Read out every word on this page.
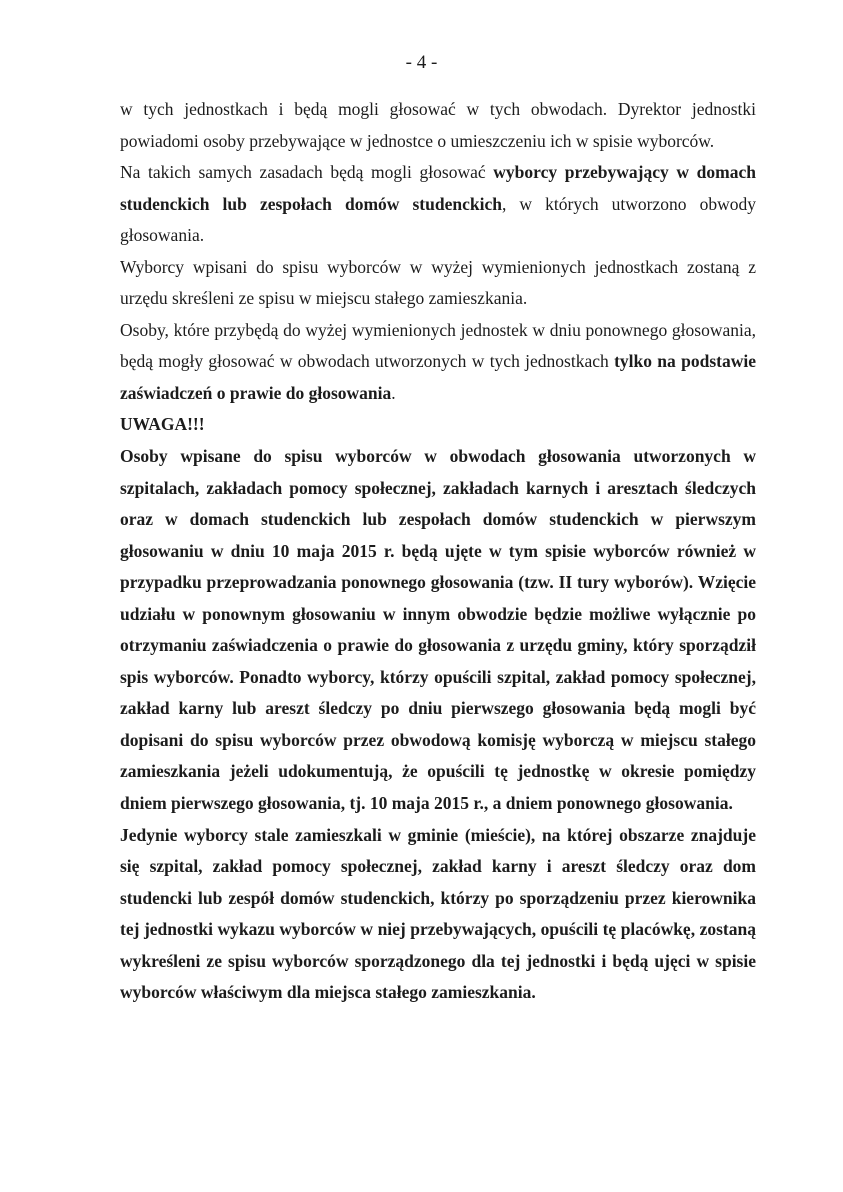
- 4 -

w tych jednostkach i będą mogli głosować w tych obwodach. Dyrektor jednostki powiadomi osoby przebywające w jednostce o umieszczeniu ich w spisie wyborców.

Na takich samych zasadach będą mogli głosować wyborcy przebywający w domach studenckich lub zespołach domów studenckich, w których utworzono obwody głosowania.

Wyborcy wpisani do spisu wyborców w wyżej wymienionych jednostkach zostaną z urzędu skreśleni ze spisu w miejscu stałego zamieszkania.

Osoby, które przybędą do wyżej wymienionych jednostek w dniu ponownego głosowania, będą mogły głosować w obwodach utworzonych w tych jednostkach tylko na podstawie zaświadczeń o prawie do głosowania.

UWAGA!!!

Osoby wpisane do spisu wyborców w obwodach głosowania utworzonych w szpitalach, zakładach pomocy społecznej, zakładach karnych i aresztach śledczych oraz w domach studenckich lub zespołach domów studenckich w pierwszym głosowaniu w dniu 10 maja 2015 r. będą ujęte w tym spisie wyborców również w przypadku przeprowadzania ponownego głosowania (tzw. II tury wyborów). Wzięcie udziału w ponownym głosowaniu w innym obwodzie będzie możliwe wyłącznie po otrzymaniu zaświadczenia o prawie do głosowania z urzędu gminy, który sporządził spis wyborców. Ponadto wyborcy, którzy opuścili szpital, zakład pomocy społecznej, zakład karny lub areszt śledczy po dniu pierwszego głosowania będą mogli być dopisani do spisu wyborców przez obwodową komisję wyborczą w miejscu stałego zamieszkania jeżeli udokumentują, że opuścili tę jednostkę w okresie pomiędzy dniem pierwszego głosowania, tj. 10 maja 2015 r., a dniem ponownego głosowania.

Jedynie wyborcy stale zamieszkali w gminie (mieście), na której obszarze znajduje się szpital, zakład pomocy społecznej, zakład karny i areszt śledczy oraz dom studencki lub zespół domów studenckich, którzy po sporządzeniu przez kierownika tej jednostki wykazu wyborców w niej przebywających, opuścili tę placówkę, zostaną wykreśleni ze spisu wyborców sporządzonego dla tej jednostki i będą ujęci w spisie wyborców właściwym dla miejsca stałego zamieszkania.
